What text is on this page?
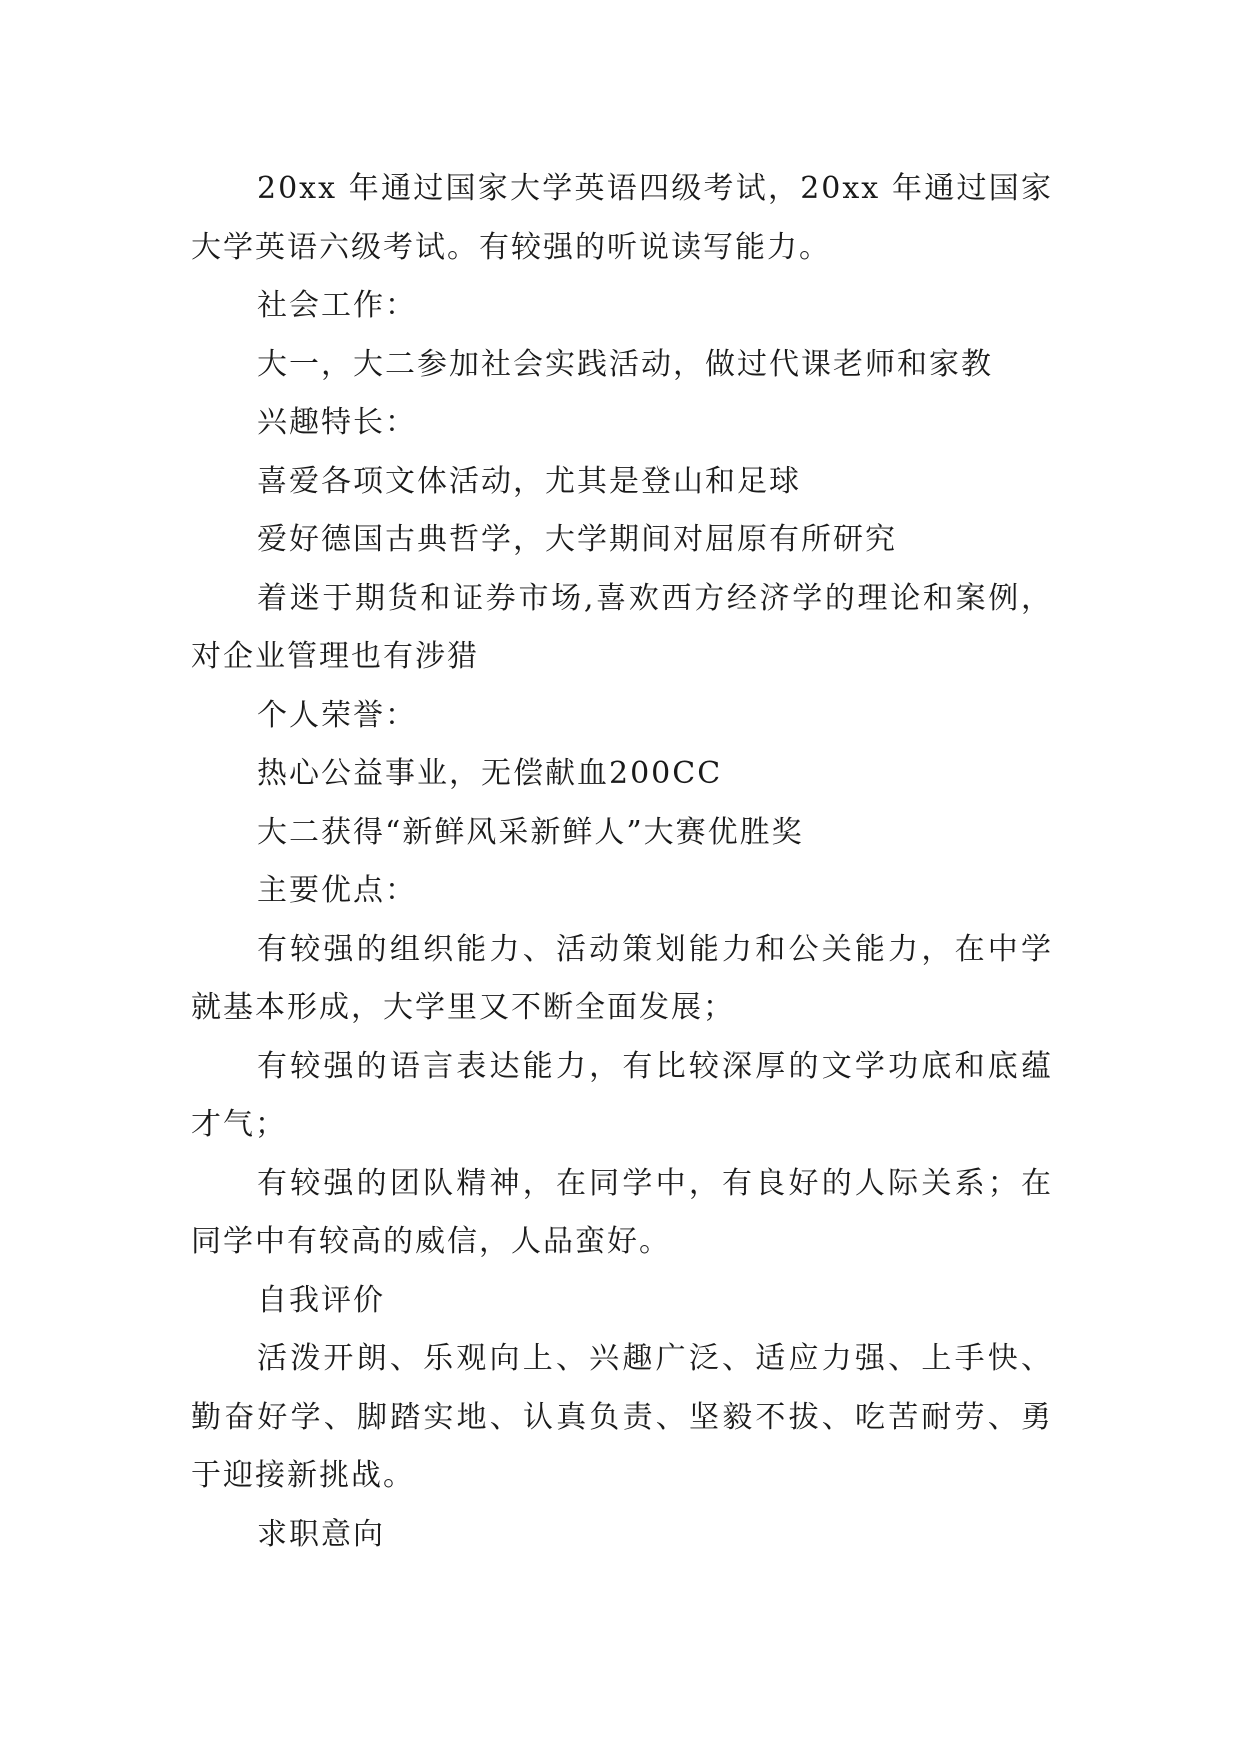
20xx 年通过国家大学英语四级考试，20xx 年通过国家大学英语六级考试。有较强的听说读写能力。

社会工作：

大一，大二参加社会实践活动，做过代课老师和家教

兴趣特长：

喜爱各项文体活动，尤其是登山和足球

爱好德国古典哲学，大学期间对屈原有所研究

着迷于期货和证券市场,喜欢西方经济学的理论和案例，对企业管理也有涉猎

个人荣誉：

热心公益事业，无偿献血200CC

大二获得“新鲜风采新鲜人”大赛优胜奖

主要优点：

有较强的组织能力、活动策划能力和公关能力，在中学就基本形成，大学里又不断全面发展；

有较强的语言表达能力，有比较深厚的文学功底和底蕴才气；

有较强的团队精神，在同学中，有良好的人际关系；在同学中有较高的威信，人品蛮好。

自我评价

活泼开朗、乐观向上、兴趣广泛、适应力强、上手快、勤奋好学、脚踏实地、认真负责、坚毅不拔、吃苦耐劳、勇于迎接新挑战。

求职意向
